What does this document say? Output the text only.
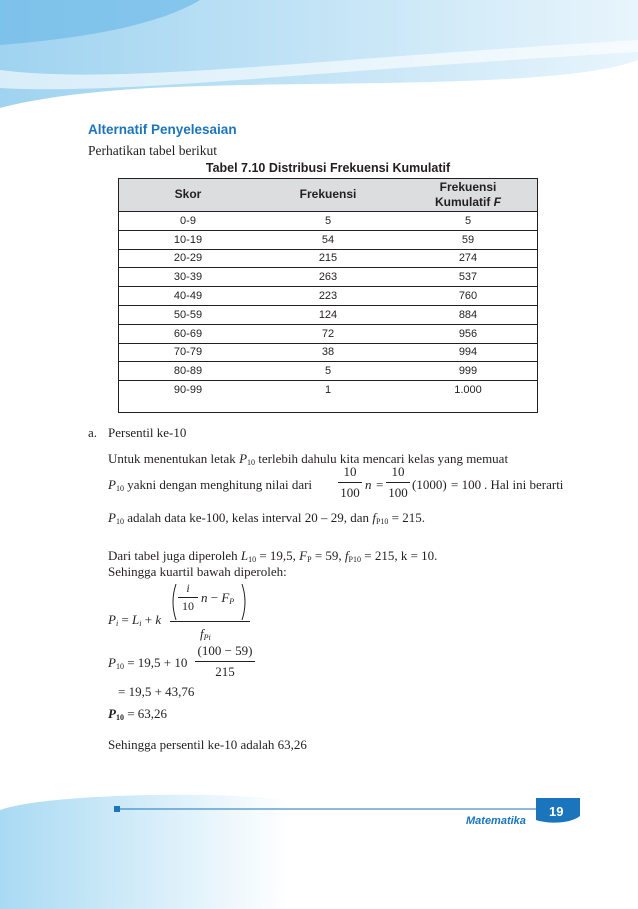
Alternatif Penyelesaian
Perhatikan tabel berikut
Tabel 7.10 Distribusi Frekuensi Kumulatif
Skor	Frekuensi	Frekuensi
Kumulatif F
0-9	5	5
10-19	54	59
20-29	215	274
30-39	263	537
40-49	223	760
50-59	124	884
60-69	72	956
70-79	38	994
80-89	5	999
90-99	1	1.000
a. Persentil ke-10
Untuk menentukan letak P10 terlebih dahulu kita mencari kelas yang memuat
P10 yakni dengan menghitung nilai dari
10
100
n =
10
100
(1000) = 100 . Hal ini berarti
P10 adalah data ke-100, kelas interval 20 – 29, dan fP10 = 215.
Dari tabel juga diperoleh L10 = 19,5, FP = 59, fP10 = 215, k = 10.
Sehingga kuartil bawah diperoleh:
Pi = Li + k
i
10
n − FP
fPi
P10 = 19,5 + 10
(100 − 59)
215
= 19,5 + 43,76
P10 = 63,26
Sehingga persentil ke-10 adalah 63,26
Matematika
19
